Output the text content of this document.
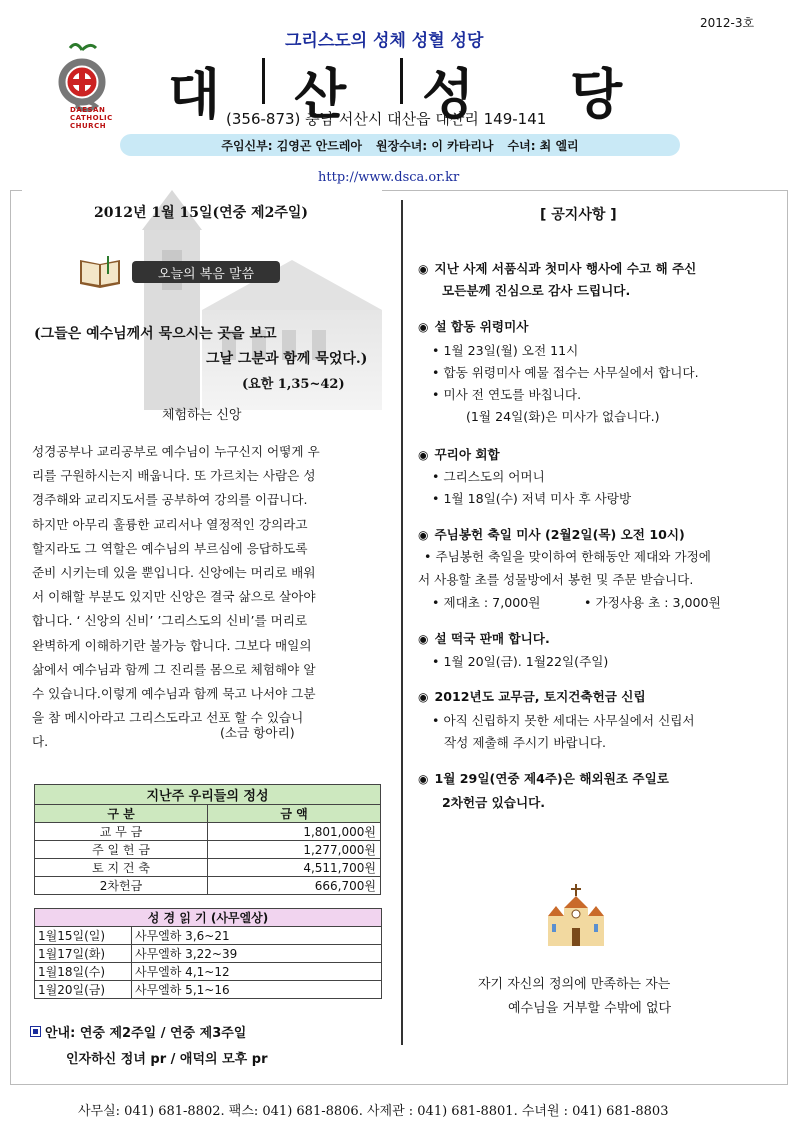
2012-3호
그리스도의 성체 성혈 성당
DAESAN
CATHOLIC
CHURCH 대 산 성 당
(356-873) 충남 서산시 대산읍 대산리 149-141
주임신부: 김영곤 안드레아 원장수녀: 이 카타리나 수녀: 최 엘리
http://www.dsca.or.kr
2012년 1월 15일(연중 제2주일)
오늘의 복음 말씀
(그들은 예수님께서 묵으시는 곳을 보고
그날 그분과 함께 묵었다.)
(요한 1,35~42)
체험하는 신앙
성경공부나 교리공부로 예수님이 누구신지 어떻게 우
리를 구원하시는지 배웁니다. 또 가르치는 사람은 성
경주해와 교리지도서를 공부하여 강의를 이끕니다.
하지만 아무리 훌륭한 교리서나 열정적인 강의라고
할지라도 그 역할은 예수님의 부르심에 응답하도록
준비 시키는데 있을 뿐입니다. 신앙에는 머리로 배워
서 이해할 부분도 있지만 신앙은 결국 삶으로 살아야
합니다. ‘ 신앙의 신비’ ’그리스도의 신비’를 머리로
완벽하게 이해하기란 불가능 합니다. 그보다 매일의
삶에서 예수님과 함께 그 진리를 몸으로 체험해야 알
수 있습니다.이렇게 예수님과 함께 묵고 나서야 그분
을 참 메시아라고 그리스도라고 선포 할 수 있습니
다.
(소금 항아리)
지난주 우리들의 정성	
구 분	금 액
교 무 금	1,801,000원
주 일 헌 금	1,277,000원
토 지 건 축	4,511,700원
2차헌금	666,700원
성 경 읽 기 (사무엘상)	
1월15일(일)	사무엘하 3,6~21
1월17일(화)	사무엘하 3,22~39
1월18일(수)	사무엘하 4,1~12
1월20일(금)	사무엘하 5,1~16
안내: 연중 제2주일 / 연중 제3주일
인자하신 정녀 pr / 애덕의 모후 pr
[ 공지사항 ]
◉ 지난 사제 서품식과 첫미사 행사에 수고 해 주신
모든분께 진심으로 감사 드립니다.
◉ 설 합동 위령미사
• 1월 23일(월) 오전 11시
• 합동 위령미사 예물 접수는 사무실에서 합니다.
• 미사 전 연도를 바칩니다.
(1월 24일(화)은 미사가 없습니다.)
◉ 꾸리아 회합
• 그리스도의 어머니
• 1월 18일(수) 저녁 미사 후 사랑방
◉ 주님봉헌 축일 미사 (2월2일(목) 오전 10시)
• 주님봉헌 축일을 맞이하여 한해동안 제대와 가정에
서 사용할 초를 성물방에서 봉헌 및 주문 받습니다.
• 제대초 : 7,000원	• 가정사용 초 : 3,000원
◉ 설 떡국 판매 합니다.
• 1월 20일(금). 1월22일(주일)
◉ 2012년도 교무금, 토지건축헌금 신립
• 아직 신립하지 못한 세대는 사무실에서 신립서
작성 제출해 주시기 바랍니다.
◉ 1월 29일(연중 제4주)은 해외원조 주일로
2차헌금 있습니다.
자기 자신의 정의에 만족하는 자는
예수님을 거부할 수밖에 없다
사무실: 041) 681-8802. 팩스: 041) 681-8806. 사제관 : 041) 681-8801. 수녀원 : 041) 681-8803
